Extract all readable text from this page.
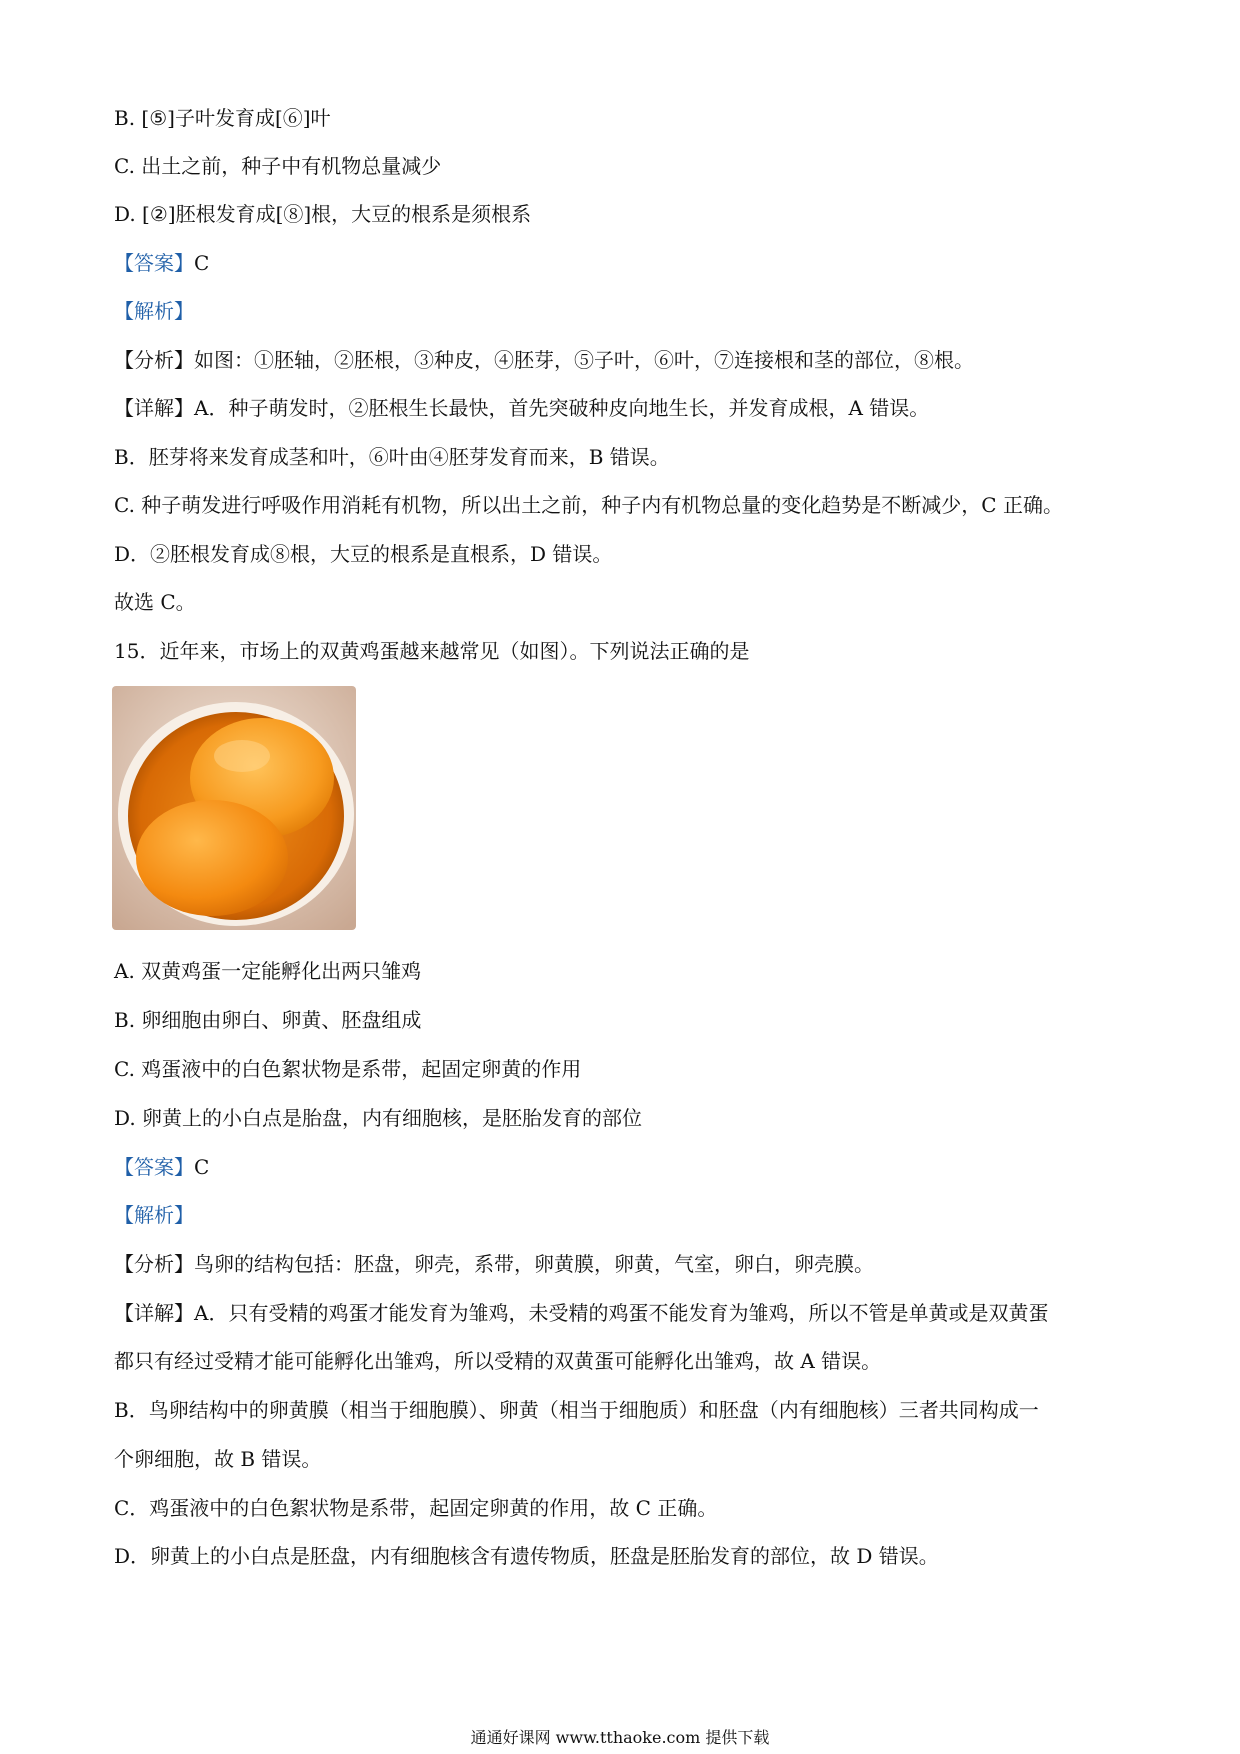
B. [⑤]子叶发育成[⑥]叶
C. 出土之前，种子中有机物总量减少
D. [②]胚根发育成[⑧]根，大豆的根系是须根系
【答案】C
【解析】
【分析】如图：①胚轴，②胚根，③种皮，④胚芽，⑤子叶，⑥叶，⑦连接根和茎的部位，⑧根。
【详解】A．种子萌发时，②胚根生长最快，首先突破种皮向地生长，并发育成根，A 错误。
B．胚芽将来发育成茎和叶，⑥叶由④胚芽发育而来，B 错误。
C. 种子萌发进行呼吸作用消耗有机物，所以出土之前，种子内有机物总量的变化趋势是不断减少，C 正确。
D．②胚根发育成⑧根，大豆的根系是直根系，D 错误。
故选 C。
15．近年来，市场上的双黄鸡蛋越来越常见（如图）。下列说法正确的是
A. 双黄鸡蛋一定能孵化出两只雏鸡
B. 卵细胞由卵白、卵黄、胚盘组成
C. 鸡蛋液中的白色絮状物是系带，起固定卵黄的作用
D. 卵黄上的小白点是胎盘，内有细胞核，是胚胎发育的部位
【答案】C
【解析】
【分析】鸟卵的结构包括：胚盘，卵壳，系带，卵黄膜，卵黄，气室，卵白，卵壳膜。
【详解】A．只有受精的鸡蛋才能发育为雏鸡，未受精的鸡蛋不能发育为雏鸡，所以不管是单黄或是双黄蛋
都只有经过受精才能可能孵化出雏鸡，所以受精的双黄蛋可能孵化出雏鸡，故 A 错误。
B．鸟卵结构中的卵黄膜（相当于细胞膜）、卵黄（相当于细胞质）和胚盘（内有细胞核）三者共同构成一
个卵细胞，故 B 错误。
C．鸡蛋液中的白色絮状物是系带，起固定卵黄的作用，故 C 正确。
D．卵黄上的小白点是胚盘，内有细胞核含有遗传物质，胚盘是胚胎发育的部位，故 D 错误。
通通好课网 www.tthaoke.com 提供下载
